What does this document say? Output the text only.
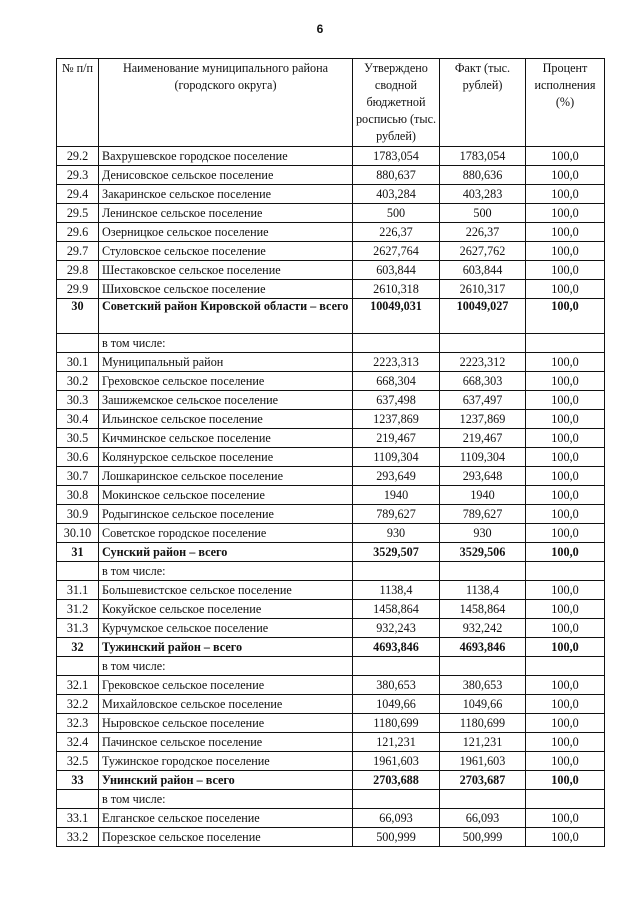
6
№ п/п	Наименование муниципального района (городского округа)	Утверждено сводной бюджетной росписью (тыс. рублей)	Факт (тыс. рублей)	Процент исполнения (%)
29.2	Вахрушевское городское поселение	1783,054	1783,054	100,0
29.3	Денисовское сельское поселение	880,637	880,636	100,0
29.4	Закаринское сельское поселение	403,284	403,283	100,0
29.5	Ленинское сельское поселение	500	500	100,0
29.6	Озерницкое сельское поселение	226,37	226,37	100,0
29.7	Стуловское сельское поселение	2627,764	2627,762	100,0
29.8	Шестаковское сельское поселение	603,844	603,844	100,0
29.9	Шиховское сельское поселение	2610,318	2610,317	100,0
30	Советский район Кировской области – всего	10049,031	10049,027	100,0
	в том числе:			
30.1	Муниципальный район	2223,313	2223,312	100,0
30.2	Греховское сельское поселение	668,304	668,303	100,0
30.3	Зашижемское сельское поселение	637,498	637,497	100,0
30.4	Ильинское сельское поселение	1237,869	1237,869	100,0
30.5	Кичминское сельское поселение	219,467	219,467	100,0
30.6	Колянурское сельское поселение	1109,304	1109,304	100,0
30.7	Лошкаринское сельское поселение	293,649	293,648	100,0
30.8	Мокинское сельское поселение	1940	1940	100,0
30.9	Родыгинское сельское поселение	789,627	789,627	100,0
30.10	Советское городское поселение	930	930	100,0
31	Сунский район – всего	3529,507	3529,506	100,0
	в том числе:			
31.1	Большевистское сельское поселение	1138,4	1138,4	100,0
31.2	Кокуйское сельское поселение	1458,864	1458,864	100,0
31.3	Курчумское сельское поселение	932,243	932,242	100,0
32	Тужинский район – всего	4693,846	4693,846	100,0
	в том числе:			
32.1	Грековское сельское поселение	380,653	380,653	100,0
32.2	Михайловское сельское поселение	1049,66	1049,66	100,0
32.3	Ныровское сельское поселение	1180,699	1180,699	100,0
32.4	Пачинское сельское поселение	121,231	121,231	100,0
32.5	Тужинское городское поселение	1961,603	1961,603	100,0
33	Унинский район – всего	2703,688	2703,687	100,0
	в том числе:			
33.1	Елганское сельское поселение	66,093	66,093	100,0
33.2	Порезское сельское поселение	500,999	500,999	100,0
